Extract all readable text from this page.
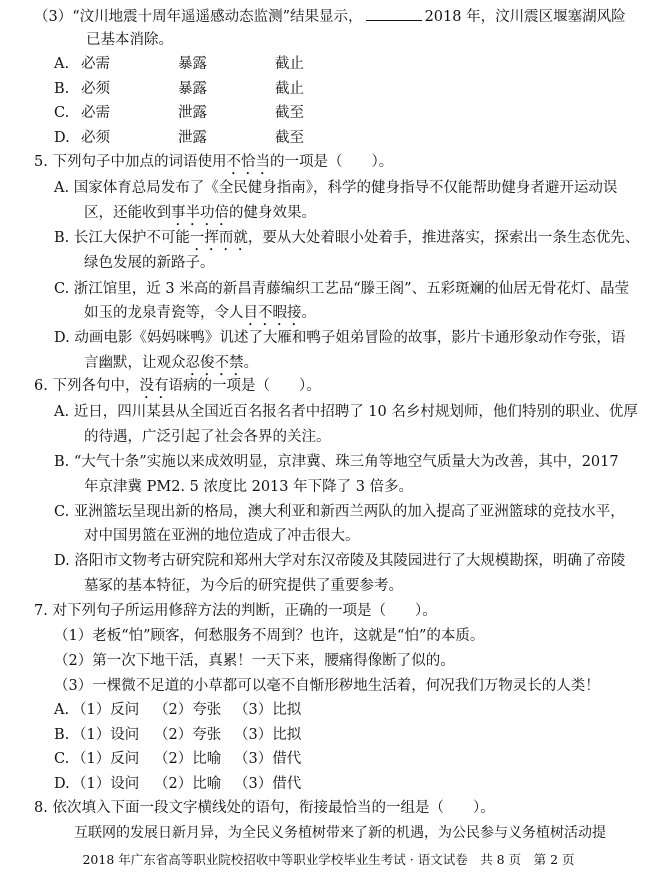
（3）“汶川地震十周年遥遥感动态监测”结果显示，	2018 年，汶川震区堰塞湖风险
已基本消除。
A. 必需	暴露	截止
B. 必须	暴露	截止
C. 必需	泄露	截至
D. 必须	泄露	截至
5. 下列句子中加点的词语使用不恰当的一项是（　　）。
A. 国家体育总局发布了《全民健身指南》，科学的健身指导不仅能帮助健身者避开运动误
区，还能收到事半功倍的健身效果。
B. 长江大保护不可能一挥而就，要从大处着眼小处着手，推进落实，探索出一条生态优先、
绿色发展的新路子。
C. 浙江馆里，近 3 米高的新昌青藤编织工艺品“滕王阁”、五彩斑斓的仙居无骨花灯、晶莹
如玉的龙泉青瓷等，令人目不暇接。
D. 动画电影《妈妈咪鸭》讥述了大雁和鸭子姐弟冒险的故事，影片卡通形象动作夸张，语
言幽默，让观众忍俊不禁。
6. 下列各句中，没有语病的一项是（　　）。
A. 近日，四川某县从全国近百名报名者中招聘了 10 名乡村规划师，他们特别的职业、优厚
的待遇，广泛引起了社会各界的关注。
B. “大气十条”实施以来成效明显，京津冀、珠三角等地空气质量大为改善，其中，2017
年京津冀 PM2. 5 浓度比 2013 年下降了 3 倍多。
C. 亚洲篮坛呈现出新的格局，澳大利亚和新西兰两队的加入提高了亚洲篮球的竞技水平，
对中国男篮在亚洲的地位造成了冲击很大。
D. 洛阳市文物考古研究院和郑州大学对东汉帝陵及其陵园进行了大规模勘探，明确了帝陵
墓冢的基本特征，为今后的研究提供了重要参考。
7. 对下列句子所运用修辞方法的判断，正确的一项是（　　）。
（1）老板“怕”顾客，何愁服务不周到？也许，这就是“怕”的本质。
（2）第一次下地干活，真累！一天下来，腰痛得像断了似的。
（3）一棵微不足道的小草都可以毫不自惭形秽地生活着，何况我们万物灵长的人类！
A. （1）反问 （2）夸张 （3）比拟
B. （1）设问 （2）夸张 （3）比拟
C. （1）反问 （2）比喻 （3）借代
D. （1）设问 （2）比喻 （3）借代
8. 依次填入下面一段文字横线处的语句，衔接最恰当的一组是（　　）。
互联网的发展日新月异，为全民义务植树带来了新的机遇，为公民参与义务植树活动提
2018 年广东省高等职业院校招收中等职业学校毕业生考试 · 语文试卷　共 8 页　第 2 页
